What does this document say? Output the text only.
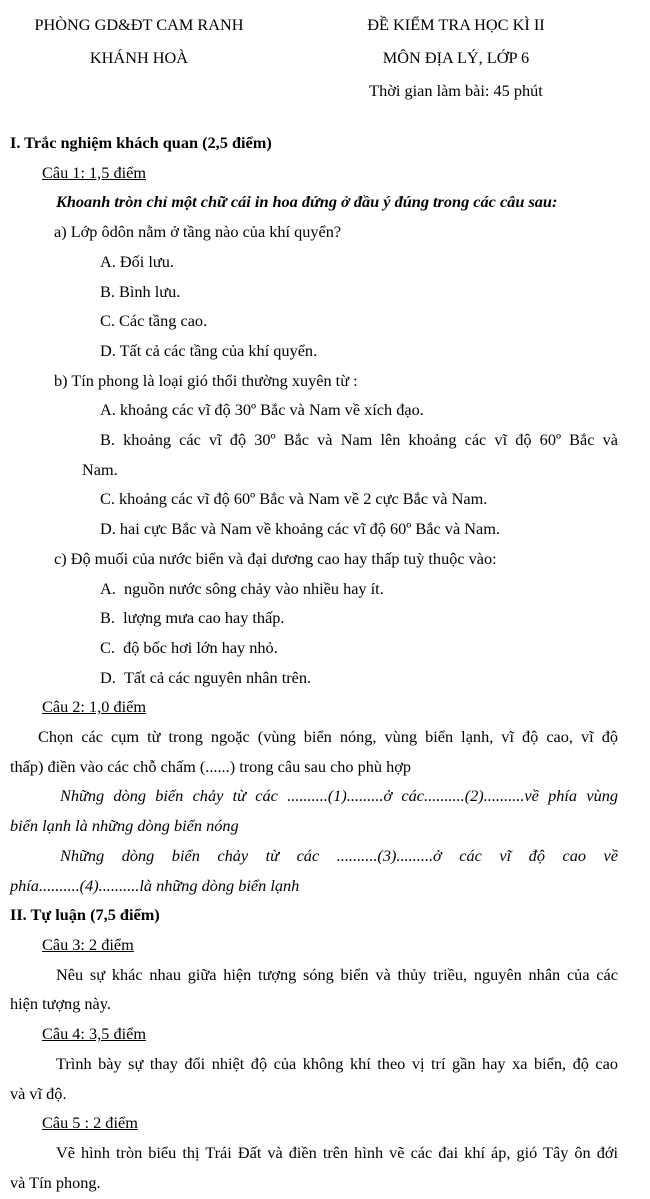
PHÒNG GD&ĐT CAM RANH

KHÁNH HOÀ

ĐỀ KIỂM TRA HỌC KÌ II

MÔN ĐỊA LÝ, LỚP 6

Thời gian làm bài: 45 phút

I. Trắc nghiệm khách quan (2,5 điểm)

Câu 1: 1,5 điểm

Khoanh tròn chỉ một chữ cái in hoa đứng ở đầu ý đúng trong các câu sau:

a) Lớp ôdôn nằm ở tầng nào của khí quyển?

A. Đối lưu.

B. Bình lưu.

C. Các tầng cao.

D. Tất cả các tầng của khí quyển.

b) Tín phong là loại gió thổi thường xuyên từ :

A. khoảng các vĩ độ 30º Bắc và Nam về xích đạo.

B. khoảng các vĩ độ 30º Bắc và Nam lên khoảng các vĩ độ 60º Bắc và

Nam.

C. khoảng các vĩ độ 60º Bắc và Nam về 2 cực Bắc và Nam.

D. hai cực Bắc và Nam về khoảng các vĩ độ 60º Bắc và Nam.

c) Độ muối của nước biển và đại dương cao hay thấp tuỳ thuộc vào:

A.  nguồn nước sông chảy vào nhiều hay ít.

B.  lượng mưa cao hay thấp.

C.  độ bốc hơi lớn hay nhỏ.

D.  Tất cả các nguyên nhân trên.

Câu 2: 1,0 điểm

Chọn các cụm từ trong ngoặc (vùng biển nóng, vùng biển lạnh, vĩ độ cao, vĩ độ

thấp) điền vào các chỗ chấm (......) trong câu sau cho phù hợp

Những dòng biển chảy từ các ..........(1).........ở các..........(2)..........về phía vùng

biển lạnh là những dòng biển nóng

Những dòng biển chảy từ các ..........(3).........ở các vĩ độ cao về

phía..........(4)..........là những dòng biển lạnh

II. Tự luận (7,5 điểm)

Câu 3: 2 điểm

Nêu sự khác nhau giữa hiện tượng sóng biển và thủy triều, nguyên nhân của các

hiện tượng này.

Câu 4: 3,5 điểm

Trình bày sự thay đổi nhiệt độ của không khí theo vị trí gần hay xa biển, độ cao

và vĩ độ.

Câu 5 : 2 điểm

Vẽ hình tròn biểu thị Trái Đất và điền trên hình vẽ các đai khí áp, gió Tây ôn đới

và Tín phong.
